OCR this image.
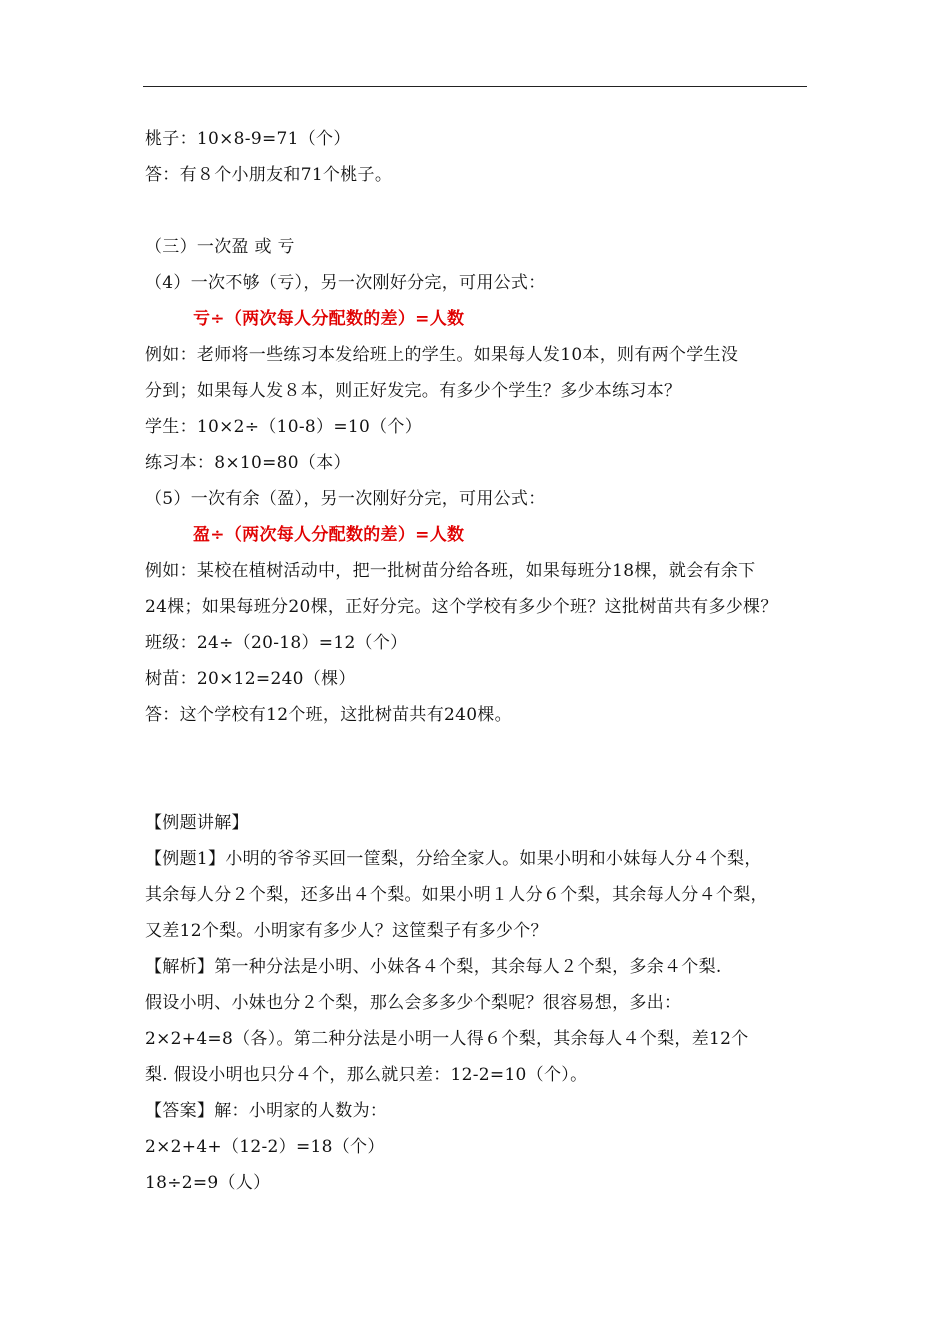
桃子：10×8-9=71（个）
答：有８个小朋友和71个桃子。
（三）一次盈 或 亏
（4）一次不够（亏），另一次刚好分完，可用公式：
亏÷（两次每人分配数的差）=人数
例如：老师将一些练习本发给班上的学生。如果每人发10本，则有两个学生没
分到；如果每人发８本，则正好发完。有多少个学生？多少本练习本？
学生：10×2÷（10-8）=10（个）
练习本：8×10=80（本）
（5）一次有余（盈），另一次刚好分完，可用公式：
盈÷（两次每人分配数的差）=人数
例如：某校在植树活动中，把一批树苗分给各班，如果每班分18棵，就会有余下
24棵；如果每班分20棵，正好分完。这个学校有多少个班？这批树苗共有多少棵？
班级：24÷（20-18）=12（个）
树苗：20×12=240（棵）
答：这个学校有12个班，这批树苗共有240棵。
【例题讲解】
【例题1】小明的爷爷买回一筐梨，分给全家人。如果小明和小妹每人分４个梨，
其余每人分２个梨，还多出４个梨。如果小明１人分６个梨，其余每人分４个梨，
又差12个梨。小明家有多少人？这筐梨子有多少个？
【解析】第一种分法是小明、小妹各４个梨，其余每人２个梨，多余４个梨.
假设小明、小妹也分２个梨，那么会多多少个梨呢？很容易想，多出：
2×2+4=8（各）。第二种分法是小明一人得６个梨，其余每人４个梨，差12个
梨. 假设小明也只分４个，那么就只差：12-2=10（个）。
【答案】解：小明家的人数为：
2×2+4+（12-2）=18（个）
18÷2=9（人）
